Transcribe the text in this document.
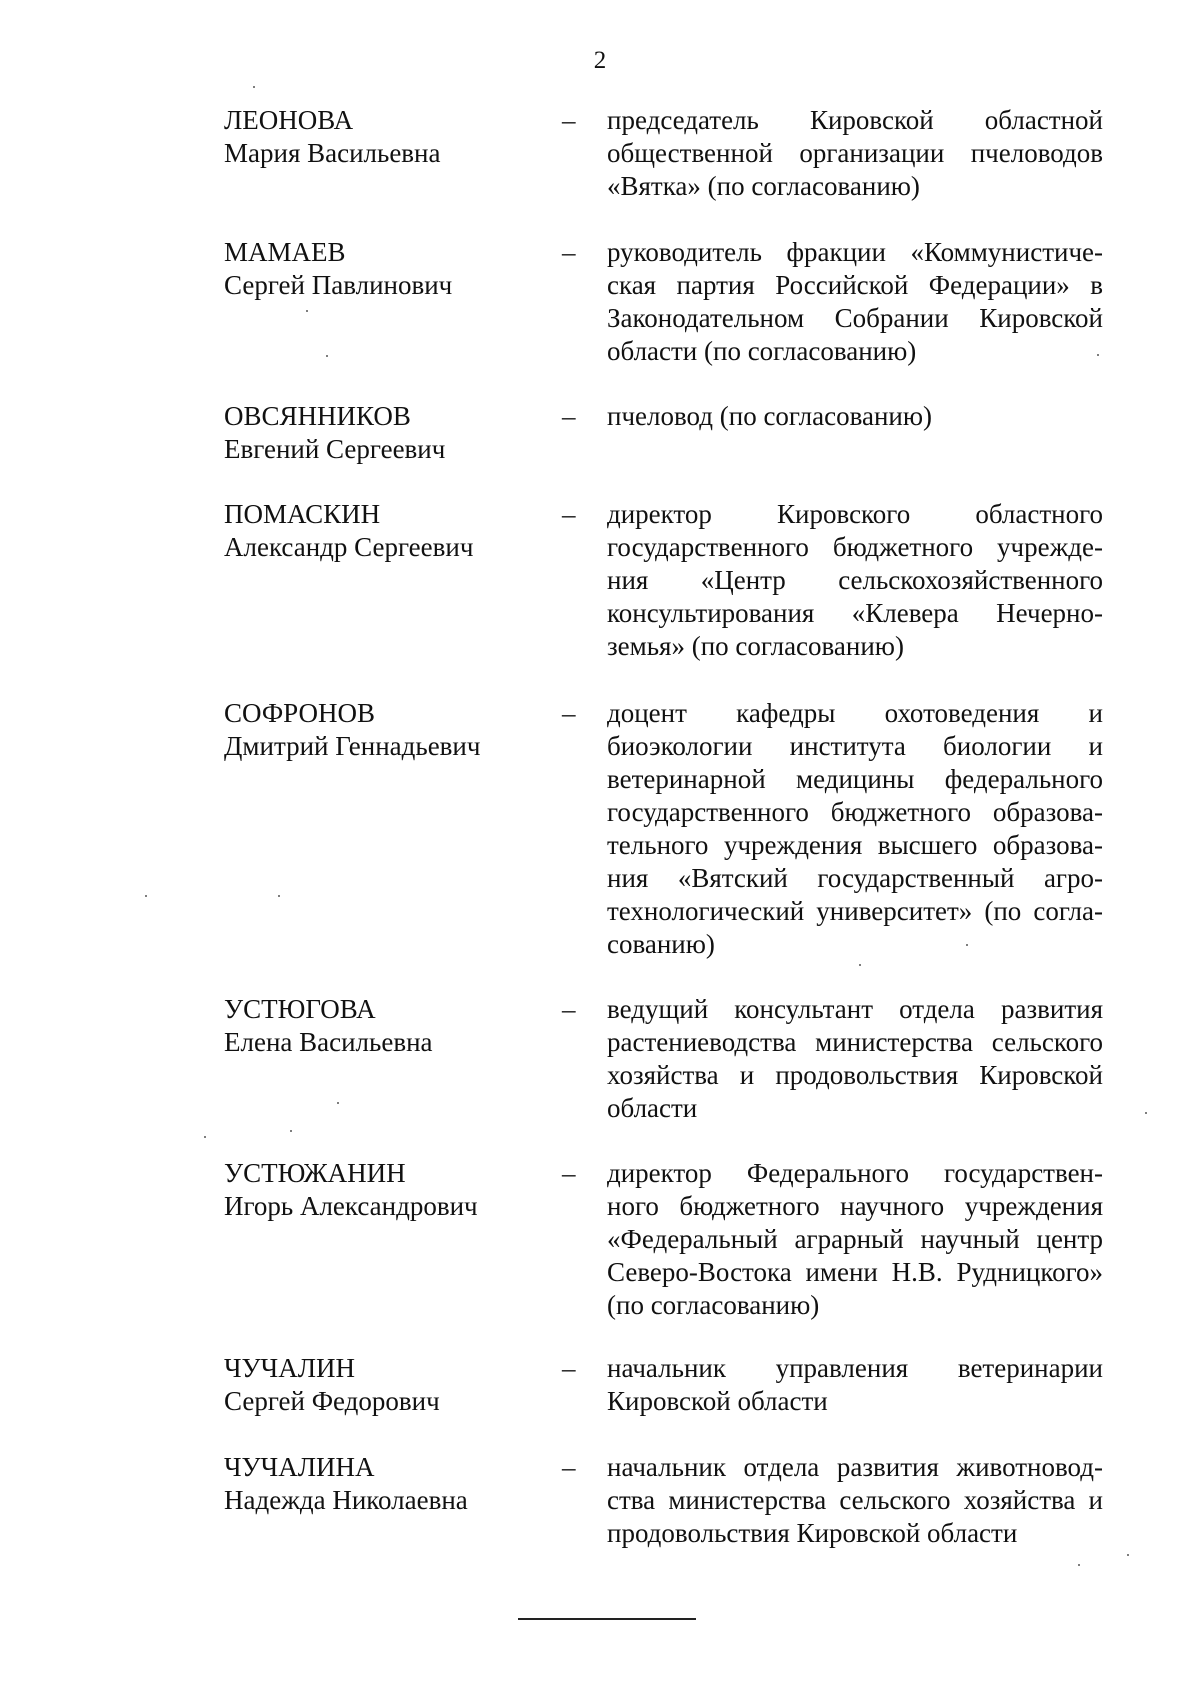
2
ЛЕОНОВА
Мария Васильевна
–	председатель Кировской областной
общественной организации пчеловодов
«Вятка» (по согласованию)
МАМАЕВ
Сергей Павлинович
–	руководитель фракции «Коммунистиче-
ская партия Российской Федерации» в
Законодательном Собрании Кировской
области (по согласованию)
ОВСЯННИКОВ
Евгений Сергеевич
–	пчеловод (по согласованию)
ПОМАСКИН
Александр Сергеевич
–	директор Кировского областного
государственного бюджетного учрежде-
ния «Центр сельскохозяйственного
консультирования «Клевера Нечерно-
земья» (по согласованию)
СОФРОНОВ
Дмитрий Геннадьевич
–	доцент кафедры охотоведения и
биоэкологии института биологии и
ветеринарной медицины федерального
государственного бюджетного образова-
тельного учреждения высшего образова-
ния «Вятский государственный агро-
технологический университет» (по согла-
сованию)
УСТЮГОВА
Елена Васильевна
–	ведущий консультант отдела развития
растениеводства министерства сельского
хозяйства и продовольствия Кировской
области
УСТЮЖАНИН
Игорь Александрович
–	директор Федерального государствен-
ного бюджетного научного учреждения
«Федеральный аграрный научный центр
Северо-Востока имени Н.В. Рудницкого»
(по согласованию)
ЧУЧАЛИН
Сергей Федорович
–	начальник управления ветеринарии
Кировской области
ЧУЧАЛИНА
Надежда Николаевна
–	начальник отдела развития животновод-
ства министерства сельского хозяйства и
продовольствия Кировской области
